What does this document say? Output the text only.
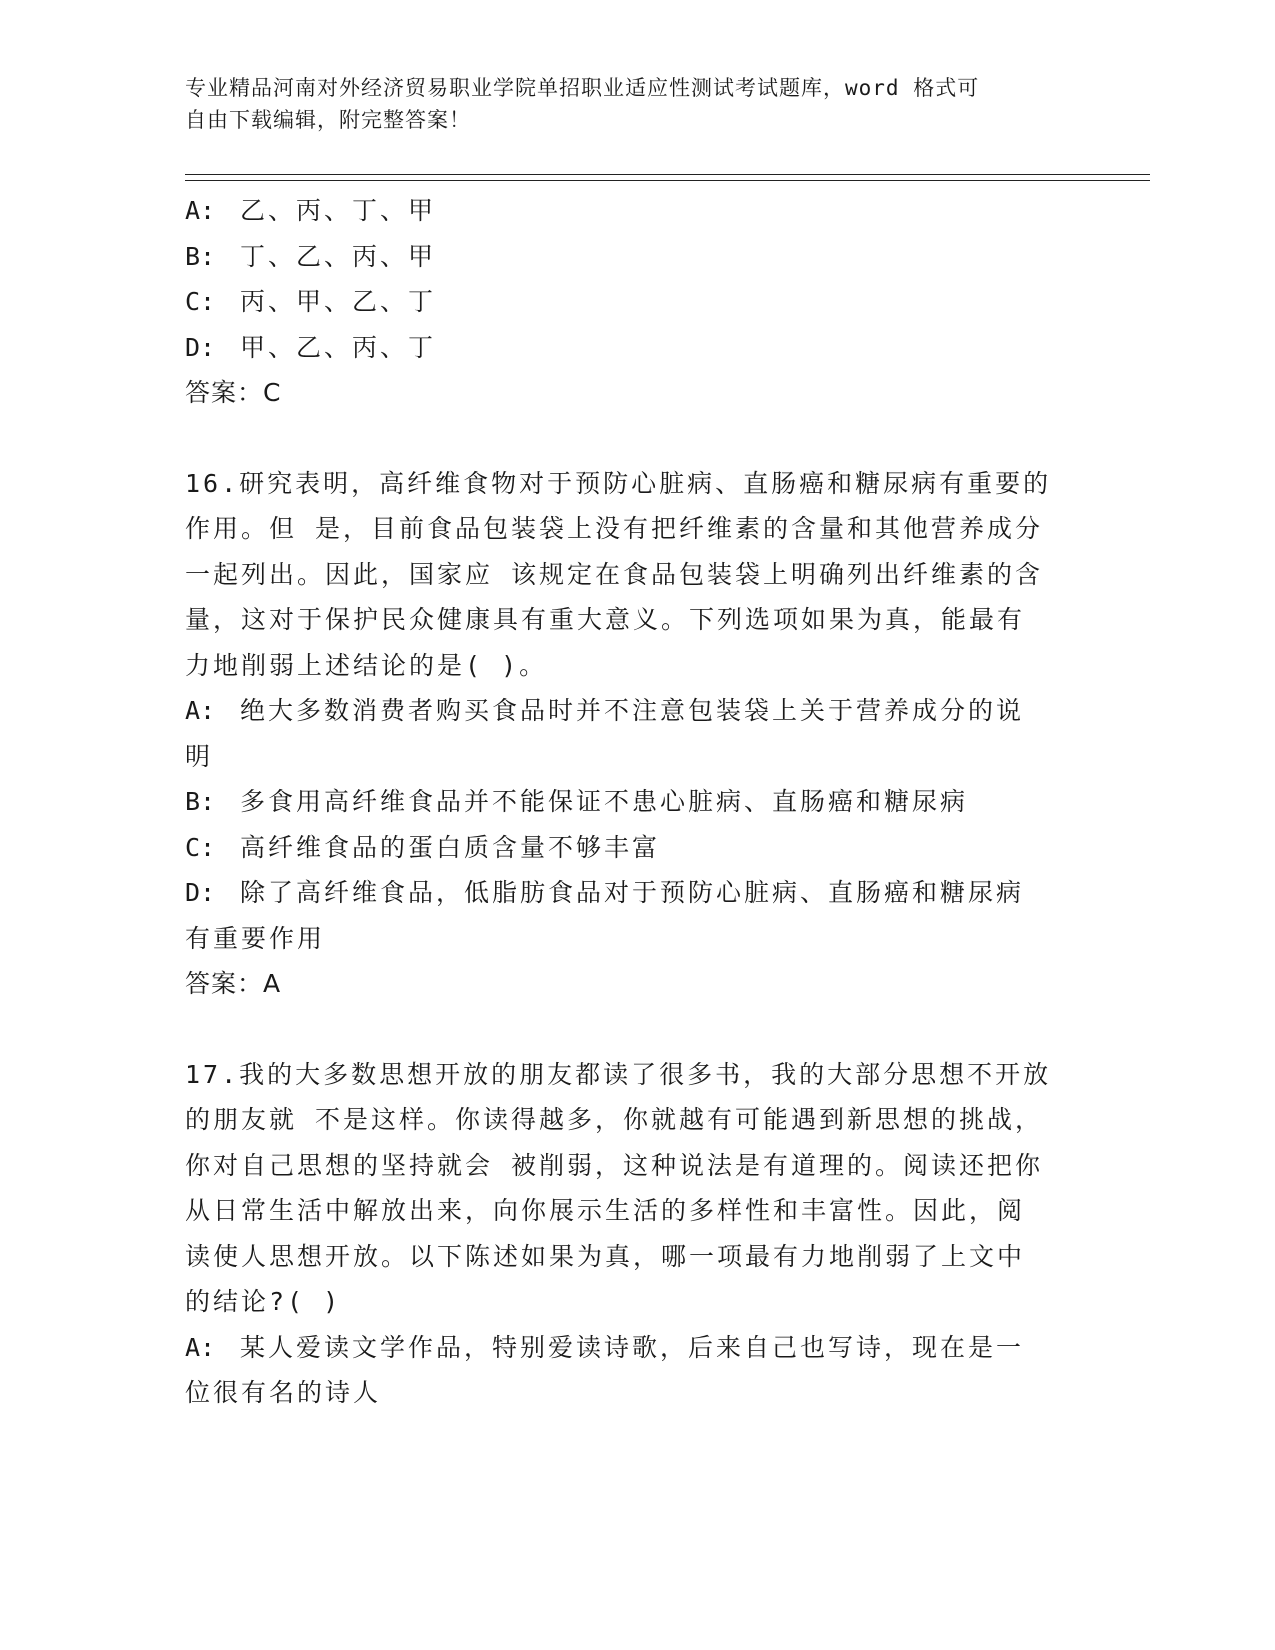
专业精品河南对外经济贸易职业学院单招职业适应性测试考试题库，word 格式可
自由下载编辑，附完整答案！
A: 乙、丙、丁、甲
B: 丁、乙、丙、甲
C: 丙、甲、乙、丁
D: 甲、乙、丙、丁
答案：C
16.研究表明，高纤维食物对于预防心脏病、直肠癌和糖尿病有重要的
作用。但 是，目前食品包装袋上没有把纤维素的含量和其他营养成分
一起列出。因此，国家应 该规定在食品包装袋上明确列出纤维素的含
量，这对于保护民众健康具有重大意义。下列选项如果为真，能最有
力地削弱上述结论的是( )。
A: 绝大多数消费者购买食品时并不注意包装袋上关于营养成分的说
明
B: 多食用高纤维食品并不能保证不患心脏病、直肠癌和糖尿病
C: 高纤维食品的蛋白质含量不够丰富
D: 除了高纤维食品，低脂肪食品对于预防心脏病、直肠癌和糖尿病
有重要作用
答案：A
17.我的大多数思想开放的朋友都读了很多书，我的大部分思想不开放
的朋友就 不是这样。你读得越多，你就越有可能遇到新思想的挑战，
你对自己思想的坚持就会 被削弱，这种说法是有道理的。阅读还把你
从日常生活中解放出来，向你展示生活的多样性和丰富性。因此，阅
读使人思想开放。以下陈述如果为真，哪一项最有力地削弱了上文中
的结论?( )
A: 某人爱读文学作品，特别爱读诗歌，后来自己也写诗，现在是一
位很有名的诗人
